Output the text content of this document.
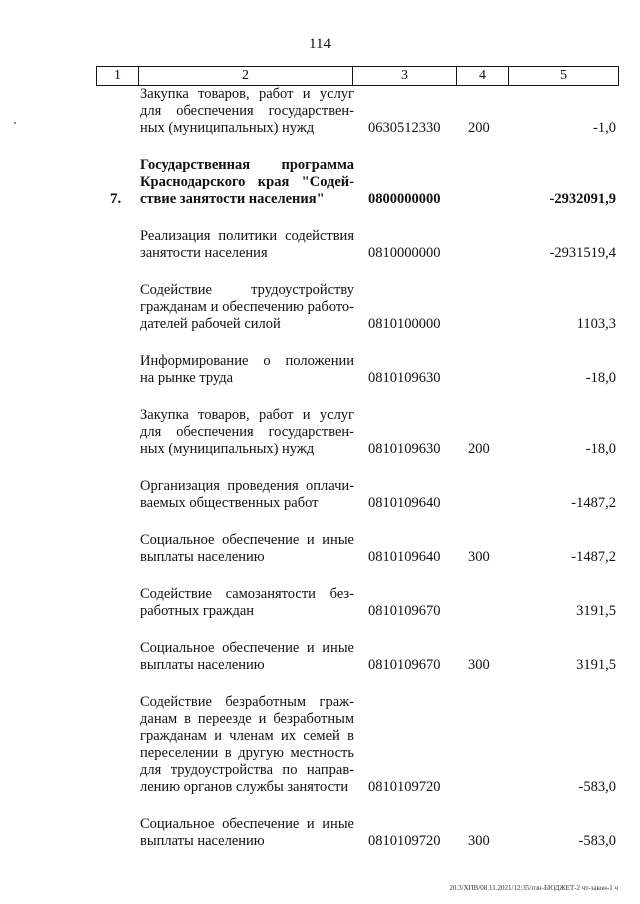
114
1	2	3	4	5
Закупка товаров, работ и услуг
для обеспечения государствен-
ных (муниципальных) нужд	0630512330 200	-1,0
7.
Государственная программа
Краснодарского края "Содей-
ствие занятости населения"	0800000000	-2932091,9
Реализация политики содействия
занятости населения	0810000000	-2931519,4
Содействие трудоустройству
гражданам и обеспечению работо-
дателей рабочей силой	0810100000	1103,3
Информирование о положении
на рынке труда	0810109630	-18,0
Закупка товаров, работ и услуг
для обеспечения государствен-
ных (муниципальных) нужд	0810109630 200	-18,0
Организация проведения оплачи-
ваемых общественных работ	0810109640	-1487,2
Социальное обеспечение и иные
выплаты населению	0810109640 300	-1487,2
Содействие самозанятости без-
работных граждан	0810109670	3191,5
Социальное обеспечение и иные
выплаты населению	0810109670 300	3191,5
Содействие безработным граж-
данам в переезде и безработным
гражданам и членам их семей в
переселении в другую местность
для трудоустройства по направ-
лению органов службы занятости	0810109720	-583,0
Социальное обеспечение и иные
выплаты населению	0810109720 300	-583,0
20.3/ХПВ/08.11.2021/12:35/пзн-БЮДЖЕТ-2 чт-закон-1 ч
